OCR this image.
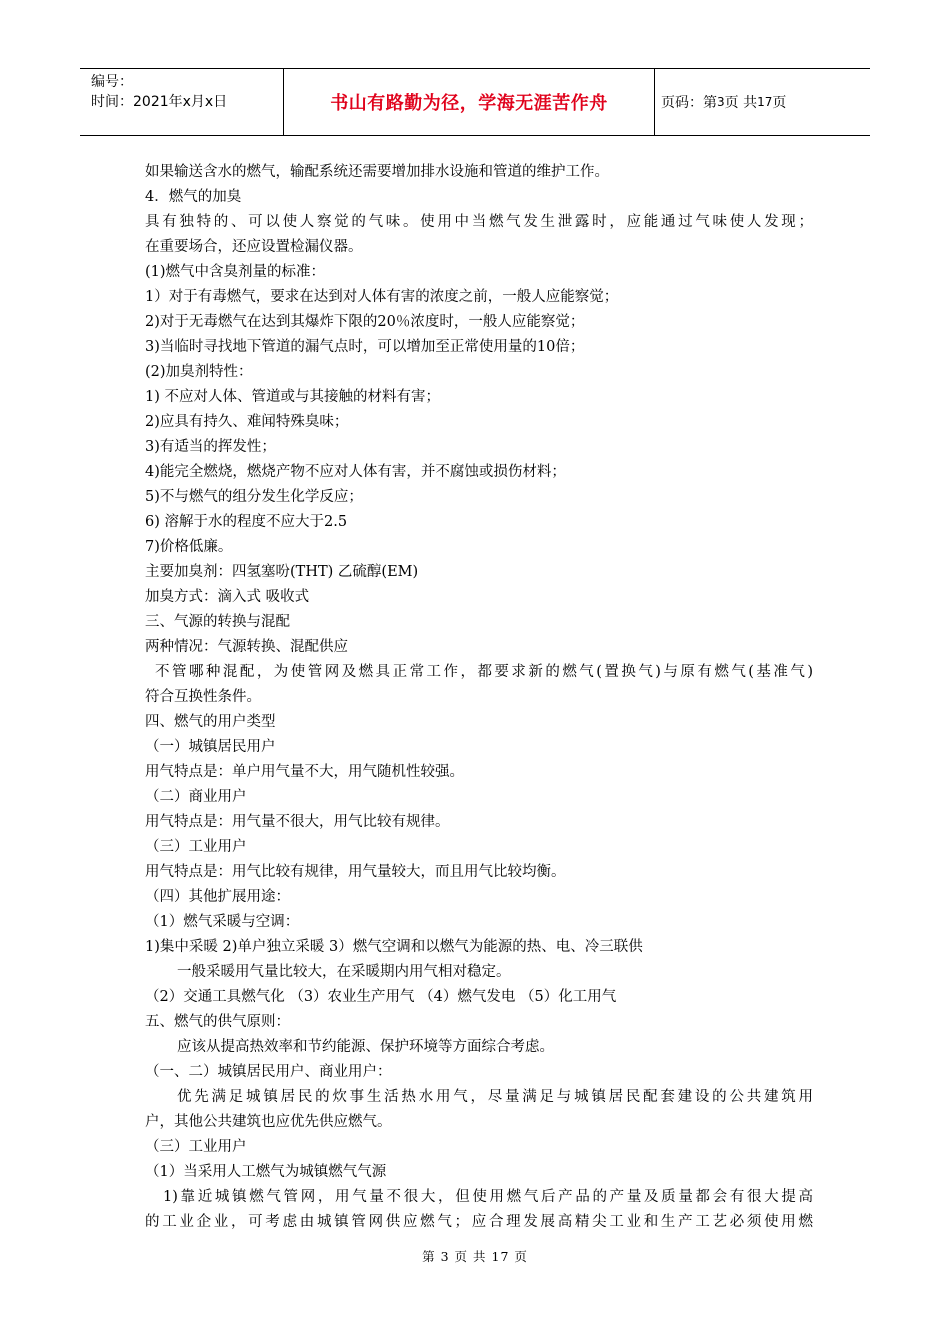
编号：
时间：2021年x月x日	书山有路勤为径，学海无涯苦作舟	页码：第 3 页 共 17 页
如果输送含水的燃气，输配系统还需要增加排水设施和管道的维护工作。
4．燃气的加臭
具有独特的、可以使人察觉的气味。使用中当燃气发生泄露时，应能通过气味使人发现；
在重要场合，还应设置检漏仪器。
(1)燃气中含臭剂量的标准：
1）对于有毒燃气，要求在达到对人体有害的浓度之前，一般人应能察觉；
2)对于无毒燃气在达到其爆炸下限的20％浓度时，一般人应能察觉；
3)当临时寻找地下管道的漏气点时，可以增加至正常使用量的10倍；
(2)加臭剂特性：
1) 不应对人体、管道或与其接触的材料有害；
2)应具有持久、难闻特殊臭味；
3)有适当的挥发性；
4)能完全燃烧，燃烧产物不应对人体有害，并不腐蚀或损伤材料；
5)不与燃气的组分发生化学反应；
6) 溶解于水的程度不应大于2.5
7)价格低廉。
主要加臭剂：四氢塞吩(THT) 乙硫醇(EM)
加臭方式：滴入式 吸收式
三、气源的转换与混配
两种情况：气源转换、混配供应
不管哪种混配，为使管网及燃具正常工作，都要求新的燃气(置换气)与原有燃气(基准气)
符合互换性条件。
四、燃气的用户类型
（一）城镇居民用户
用气特点是：单户用气量不大，用气随机性较强。
（二）商业用户
用气特点是：用气量不很大，用气比较有规律。
（三）工业用户
用气特点是：用气比较有规律，用气量较大，而且用气比较均衡。
（四）其他扩展用途：
（1）燃气采暖与空调：
1)集中采暖 2)单户独立采暖 3）燃气空调和以燃气为能源的热、电、冷三联供
一般采暖用气量比较大，在采暖期内用气相对稳定。
（2）交通工具燃气化 （3）农业生产用气 （4）燃气发电 （5）化工用气
五、燃气的供气原则：
应该从提高热效率和节约能源、保护环境等方面综合考虑。
（一、二）城镇居民用户、商业用户：
优先满足城镇居民的炊事生活热水用气，尽量满足与城镇居民配套建设的公共建筑用
户，其他公共建筑也应优先供应燃气。
（三）工业用户
（1）当采用人工燃气为城镇燃气气源
1)靠近城镇燃气管网，用气量不很大，但使用燃气后产品的产量及质量都会有很大提高
的工业企业，可考虑由城镇管网供应燃气；应合理发展高精尖工业和生产工艺必须使用燃
第 3 页 共 17 页
